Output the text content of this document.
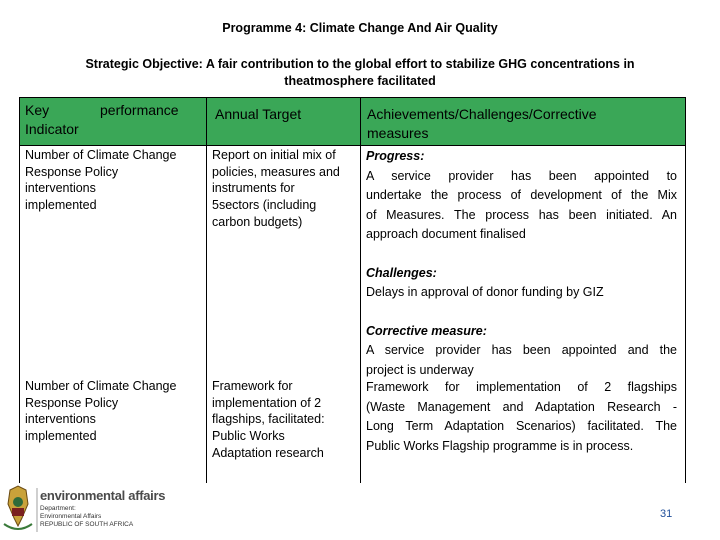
Programme 4: Climate Change And Air Quality
Strategic Objective: A fair contribution to the global effort to stabilize GHG concentrations in
theatmosphere facilitated
Key	performance
Indicator
Annual Target	Achievements/Challenges/Corrective
measures
Number of Climate Change
Response Policy
interventions
implemented
Report on initial mix of
policies, measures and
instruments for
5sectors (including
carbon budgets)
Progress:
A service provider has been appointed to
undertake the process of development of the Mix
of Measures. The process has been initiated. An
approach document finalised
Challenges:
Delays in approval of donor funding by GIZ
Corrective measure:
A service provider has been appointed and the
project is underway
Number of Climate Change
Response Policy
interventions
implemented
Framework for
implementation of 2
flagships, facilitated:
Public Works
Adaptation research
Framework for implementation of 2 flagships
(Waste Management and Adaptation Research -
Long Term Adaptation Scenarios) facilitated. The
Public Works Flagship programme is in process.
environmental affairs
Department:
Environmental Affairs
REPUBLIC OF SOUTH AFRICA
31
